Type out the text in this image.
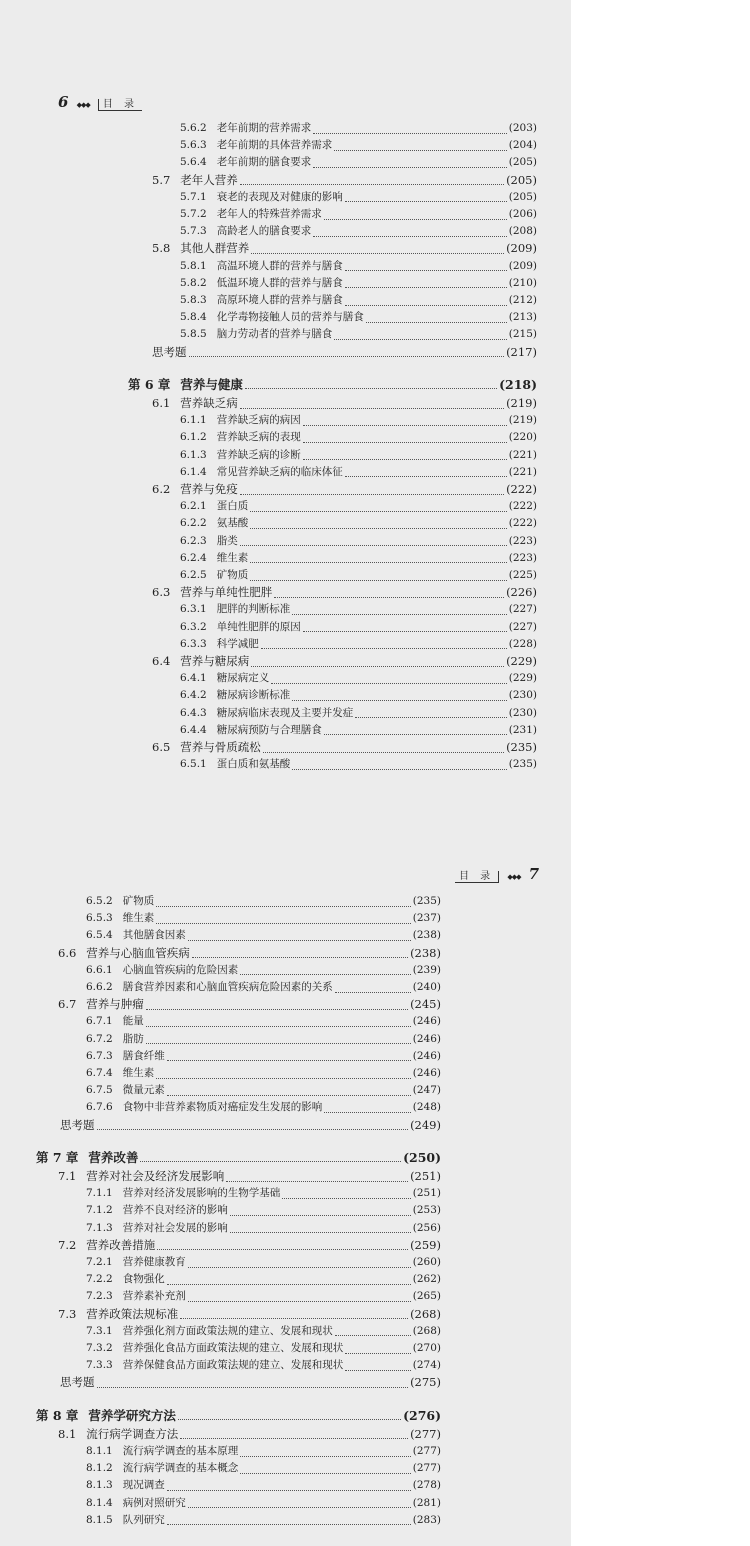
6 ◆◆◆ 目 录
5.6.2 老年前期的营养需求	(203)
5.6.3 老年前期的具体营养需求	(204)
5.6.4 老年前期的膳食要求	(205)
5.7 老年人营养	(205)
5.7.1 衰老的表现及对健康的影响	(205)
5.7.2 老年人的特殊营养需求	(206)
5.7.3 高龄老人的膳食要求	(208)
5.8 其他人群营养	(209)
5.8.1 高温环境人群的营养与膳食	(209)
5.8.2 低温环境人群的营养与膳食	(210)
5.8.3 高原环境人群的营养与膳食	(212)
5.8.4 化学毒物接触人员的营养与膳食	(213)
5.8.5 脑力劳动者的营养与膳食	(215)
思考题	(217)
第 6 章 营养与健康	(218)
6.1 营养缺乏病	(219)
6.1.1 营养缺乏病的病因	(219)
6.1.2 营养缺乏病的表现	(220)
6.1.3 营养缺乏病的诊断	(221)
6.1.4 常见营养缺乏病的临床体征	(221)
6.2 营养与免疫	(222)
6.2.1 蛋白质	(222)
6.2.2 氨基酸	(222)
6.2.3 脂类	(223)
6.2.4 维生素	(223)
6.2.5 矿物质	(225)
6.3 营养与单纯性肥胖	(226)
6.3.1 肥胖的判断标准	(227)
6.3.2 单纯性肥胖的原因	(227)
6.3.3 科学减肥	(228)
6.4 营养与糖尿病	(229)
6.4.1 糖尿病定义	(229)
6.4.2 糖尿病诊断标准	(230)
6.4.3 糖尿病临床表现及主要并发症	(230)
6.4.4 糖尿病预防与合理膳食	(231)
6.5 营养与骨质疏松	(235)
6.5.1 蛋白质和氨基酸	(235)
目 录 ◆◆◆ 7
6.5.2 矿物质	(235)
6.5.3 维生素	(237)
6.5.4 其他膳食因素	(238)
6.6 营养与心脑血管疾病	(238)
6.6.1 心脑血管疾病的危险因素	(239)
6.6.2 膳食营养因素和心脑血管疾病危险因素的关系	(240)
6.7 营养与肿瘤	(245)
6.7.1 能量	(246)
6.7.2 脂肪	(246)
6.7.3 膳食纤维	(246)
6.7.4 维生素	(246)
6.7.5 微量元素	(247)
6.7.6 食物中非营养素物质对癌症发生发展的影响	(248)
思考题	(249)
第 7 章 营养改善	(250)
7.1 营养对社会及经济发展影响	(251)
7.1.1 营养对经济发展影响的生物学基础	(251)
7.1.2 营养不良对经济的影响	(253)
7.1.3 营养对社会发展的影响	(256)
7.2 营养改善措施	(259)
7.2.1 营养健康教育	(260)
7.2.2 食物强化	(262)
7.2.3 营养素补充剂	(265)
7.3 营养政策法规标准	(268)
7.3.1 营养强化剂方面政策法规的建立、发展和现状	(268)
7.3.2 营养强化食品方面政策法规的建立、发展和现状	(270)
7.3.3 营养保健食品方面政策法规的建立、发展和现状	(274)
思考题	(275)
第 8 章 营养学研究方法	(276)
8.1 流行病学调查方法	(277)
8.1.1 流行病学调查的基本原理	(277)
8.1.2 流行病学调查的基本概念	(277)
8.1.3 现况调查	(278)
8.1.4 病例对照研究	(281)
8.1.5 队列研究	(283)
